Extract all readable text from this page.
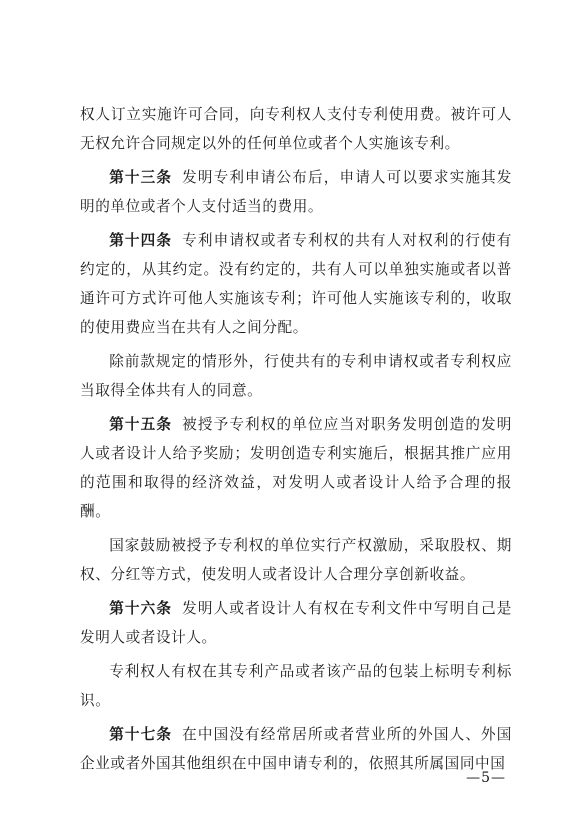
权人订立实施许可合同，向专利权人支付专利使用费。被许可人无权允许合同规定以外的任何单位或者个人实施该专利。

第十三条 发明专利申请公布后，申请人可以要求实施其发明的单位或者个人支付适当的费用。

第十四条 专利申请权或者专利权的共有人对权利的行使有约定的，从其约定。没有约定的，共有人可以单独实施或者以普通许可方式许可他人实施该专利；许可他人实施该专利的，收取的使用费应当在共有人之间分配。

除前款规定的情形外，行使共有的专利申请权或者专利权应当取得全体共有人的同意。

第十五条 被授予专利权的单位应当对职务发明创造的发明人或者设计人给予奖励；发明创造专利实施后，根据其推广应用的范围和取得的经济效益，对发明人或者设计人给予合理的报酬。

国家鼓励被授予专利权的单位实行产权激励，采取股权、期权、分红等方式，使发明人或者设计人合理分享创新收益。

第十六条 发明人或者设计人有权在专利文件中写明自己是发明人或者设计人。

专利权人有权在其专利产品或者该产品的包装上标明专利标识。

第十七条 在中国没有经常居所或者营业所的外国人、外国企业或者外国其他组织在中国申请专利的，依照其所属国同中国

—5—
